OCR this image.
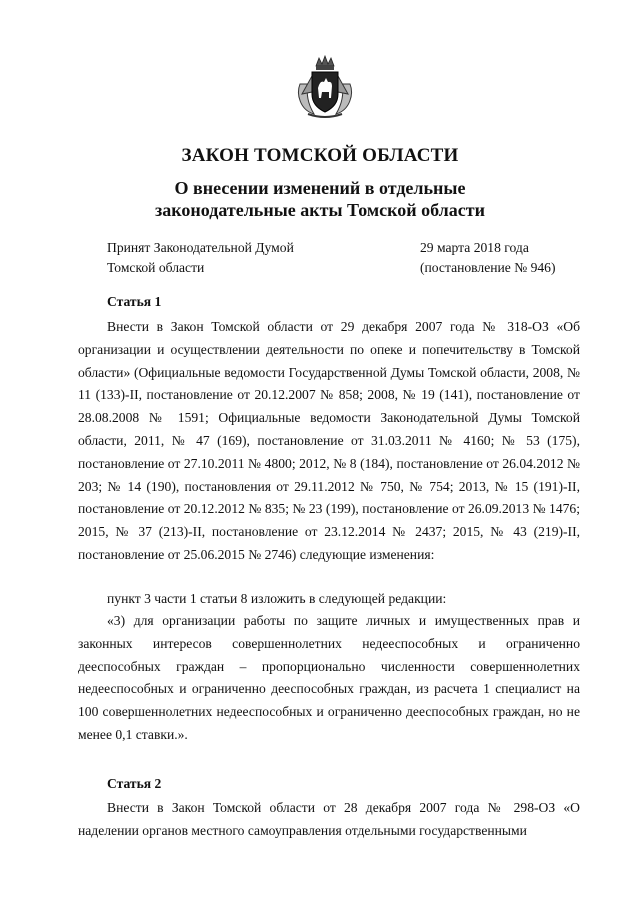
ЗАКОН ТОМСКОЙ ОБЛАСТИ
О внесении изменений в отдельные законодательные акты Томской области
Принят Законодательной Думой
Томской области
29 марта 2018 года
(постановление № 946)
Статья 1

Внести в Закон Томской области от 29 декабря 2007 года № 318-ОЗ «Об организации и осуществлении деятельности по опеке и попечительству в Томской области» (Официальные ведомости Государственной Думы Томской области, 2008, № 11 (133)-II, постановление от 20.12.2007 № 858; 2008, № 19 (141), постановление от 28.08.2008 № 1591; Официальные ведомости Законодательной Думы Томской области, 2011, № 47 (169), постановление от 31.03.2011 № 4160; № 53 (175), постановление от 27.10.2011 № 4800; 2012, № 8 (184), постановление от 26.04.2012 № 203; № 14 (190), постановления от 29.11.2012 № 750, № 754; 2013, № 15 (191)-II, постановление от 20.12.2012 № 835; № 23 (199), постановление от 26.09.2013 № 1476; 2015, № 37 (213)-II, постановление от 23.12.2014 № 2437; 2015, № 43 (219)-II, постановление от 25.06.2015 № 2746) следующие изменения:

пункт 3 части 1 статьи 8 изложить в следующей редакции:

«3) для организации работы по защите личных и имущественных прав и законных интересов совершеннолетних недееспособных и ограниченно дееспособных граждан – пропорционально численности совершеннолетних недееспособных и ограниченно дееспособных граждан, из расчета 1 специалист на 100 совершеннолетних недееспособных и ограниченно дееспособных граждан, но не менее 0,1 ставки.».

Статья 2

Внести в Закон Томской области от 28 декабря 2007 года № 298-ОЗ «О наделении органов местного самоуправления отдельными государственными
